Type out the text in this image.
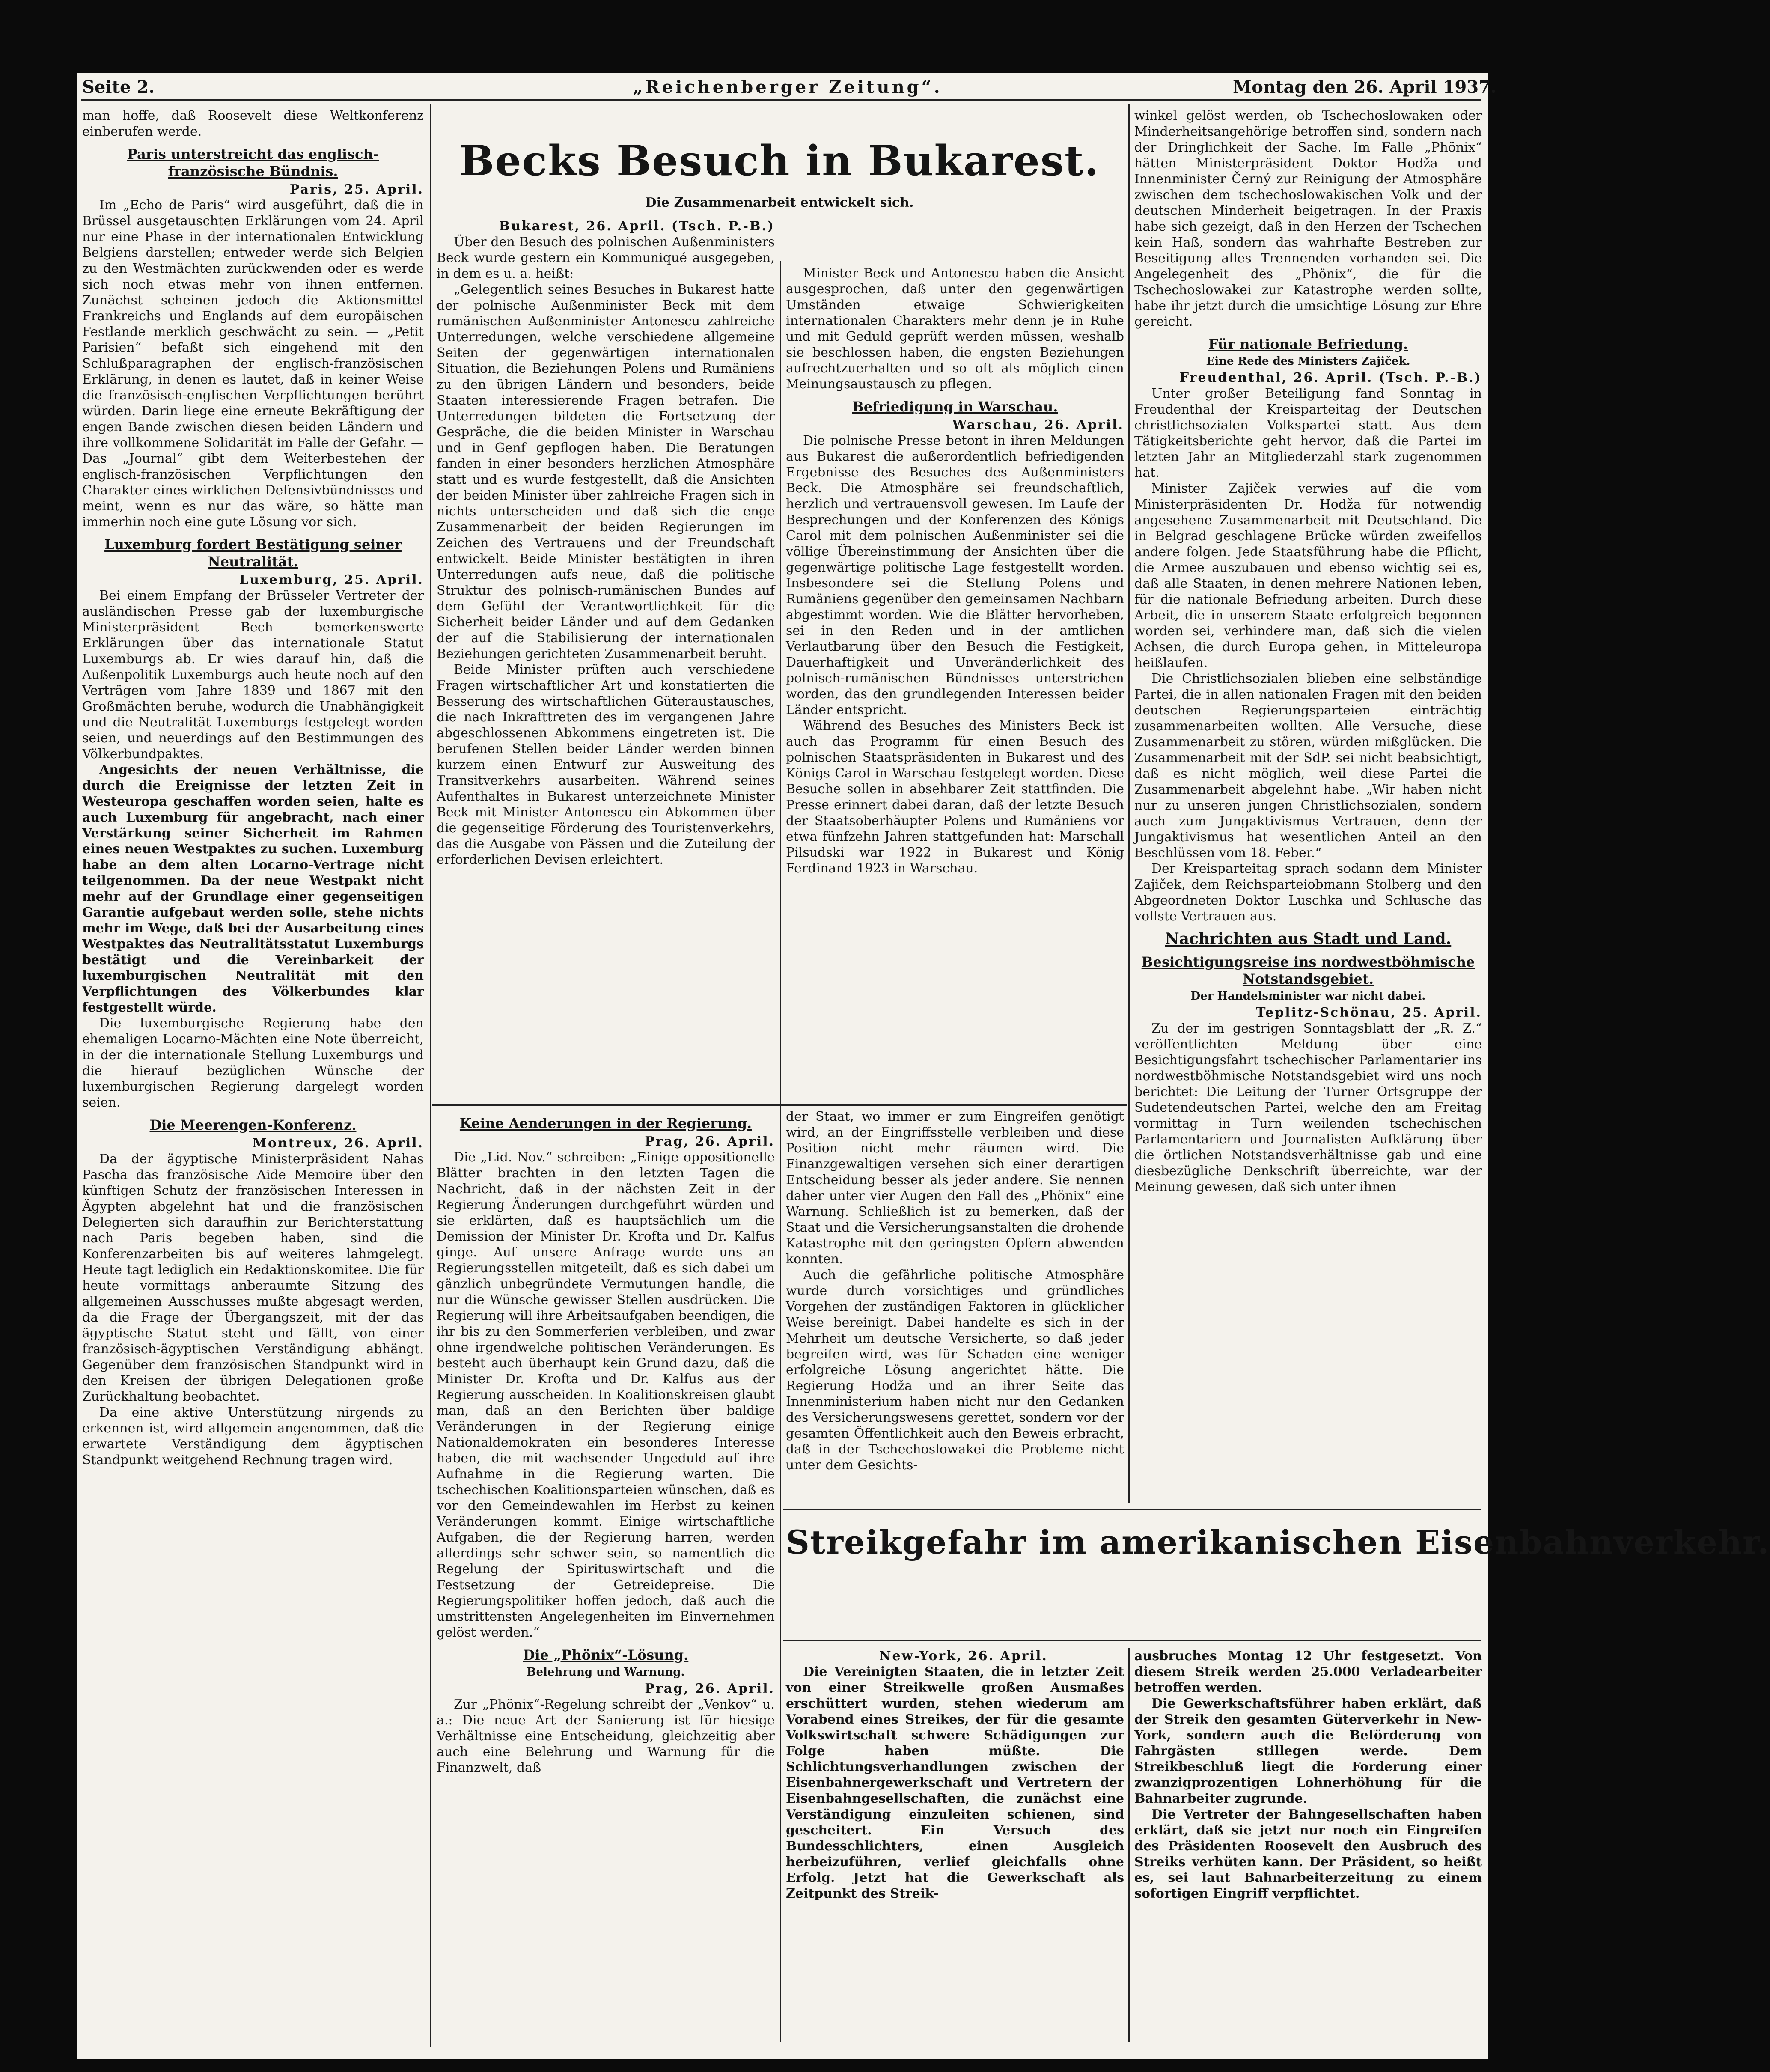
Seite 2.	„Reichenberger Zeitung“.	Montag den 26. April 1937.

man hoffe, daß Roosevelt diese Weltkonferenz einberufen werde.

Paris unterstreicht das englisch-französische Bündnis.

Paris, 25. April.

Im „Echo de Paris“ wird ausgeführt, daß die in Brüssel ausgetauschten Erklärungen vom 24. April nur eine Phase in der internationalen Entwicklung Belgiens darstellen; entweder werde sich Belgien zu den Westmächten zurückwenden oder es werde sich noch etwas mehr von ihnen entfernen. Zunächst scheinen jedoch die Aktionsmittel Frankreichs und Englands auf dem europäischen Festlande merklich geschwächt zu sein. — „Petit Parisien“ befaßt sich eingehend mit den Schlußparagraphen der englisch-französischen Erklärung, in denen es lautet, daß in keiner Weise die französisch-englischen Verpflichtungen berührt würden. Darin liege eine erneute Bekräftigung der engen Bande zwischen diesen beiden Ländern und ihre vollkommene Solidarität im Falle der Gefahr. — Das „Journal“ gibt dem Weiterbestehen der englisch-französischen Verpflichtungen den Charakter eines wirklichen Defensivbündnisses und meint, wenn es nur das wäre, so hätte man immerhin noch eine gute Lösung vor sich.

Luxemburg fordert Bestätigung seiner Neutralität.

Luxemburg, 25. April.

Bei einem Empfang der Brüsseler Vertreter der ausländischen Presse gab der luxemburgische Ministerpräsident Bech bemerkenswerte Erklärungen über das internationale Statut Luxemburgs ab. Er wies darauf hin, daß die Außenpolitik Luxemburgs auch heute noch auf den Verträgen vom Jahre 1839 und 1867 mit den Großmächten beruhe, wodurch die Unabhängigkeit und die Neutralität Luxemburgs festgelegt worden seien, und neuerdings auf den Bestimmungen des Völkerbundpaktes.

Angesichts der neuen Verhältnisse, die durch die Ereignisse der letzten Zeit in Westeuropa geschaffen worden seien, halte es auch Luxemburg für angebracht, nach einer Verstärkung seiner Sicherheit im Rahmen eines neuen Westpaktes zu suchen. Luxemburg habe an dem alten Locarno-Vertrage nicht teilgenommen. Da der neue Westpakt nicht mehr auf der Grundlage einer gegenseitigen Garantie aufgebaut werden solle, stehe nichts mehr im Wege, daß bei der Ausarbeitung eines Westpaktes das Neutralitätsstatut Luxemburgs bestätigt und die Vereinbarkeit der luxemburgischen Neutralität mit den Verpflichtungen des Völkerbundes klar festgestellt würde.

Die luxemburgische Regierung habe den ehemaligen Locarno-Mächten eine Note überreicht, in der die internationale Stellung Luxemburgs und die hierauf bezüglichen Wünsche der luxemburgischen Regierung dargelegt worden seien.

Die Meerengen-Konferenz.

Montreux, 26. April.

Da der ägyptische Ministerpräsident Nahas Pascha das französische Aide Memoire über den künftigen Schutz der französischen Interessen in Ägypten abgelehnt hat und die französischen Delegierten sich daraufhin zur Berichterstattung nach Paris begeben haben, sind die Konferenzarbeiten bis auf weiteres lahmgelegt. Heute tagt lediglich ein Redaktionskomitee. Die für heute vormittags anberaumte Sitzung des allgemeinen Ausschusses mußte abgesagt werden, da die Frage der Übergangszeit, mit der das ägyptische Statut steht und fällt, von einer französisch-ägyptischen Verständigung abhängt. Gegenüber dem französischen Standpunkt wird in den Kreisen der übrigen Delegationen große Zurückhaltung beobachtet.

Da eine aktive Unterstützung nirgends zu erkennen ist, wird allgemein angenommen, daß die erwartete Verständigung dem ägyptischen Standpunkt weitgehend Rechnung tragen wird.

Becks Besuch in Bukarest.
Die Zusammenarbeit entwickelt sich.

Bukarest, 26. April. (Tsch. P.-B.)

Über den Besuch des polnischen Außenministers Beck wurde gestern ein Kommuniqué ausgegeben, in dem es u. a. heißt:

„Gelegentlich seines Besuches in Bukarest hatte der polnische Außenminister Beck mit dem rumänischen Außenminister Antonescu zahlreiche Unterredungen, welche verschiedene allgemeine Seiten der gegenwärtigen internationalen Situation, die Beziehungen Polens und Rumäniens zu den übrigen Ländern und besonders, beide Staaten interessierende Fragen betrafen. Die Unterredungen bildeten die Fortsetzung der Gespräche, die die beiden Minister in Warschau und in Genf gepflogen haben. Die Beratungen fanden in einer besonders herzlichen Atmosphäre statt und es wurde festgestellt, daß die Ansichten der beiden Minister über zahlreiche Fragen sich in nichts unterscheiden und daß sich die enge Zusammenarbeit der beiden Regierungen im Zeichen des Vertrauens und der Freundschaft entwickelt. Beide Minister bestätigten in ihren Unterredungen aufs neue, daß die politische Struktur des polnisch-rumänischen Bundes auf dem Gefühl der Verantwortlichkeit für die Sicherheit beider Länder und auf dem Gedanken der auf die Stabilisierung der internationalen Beziehungen gerichteten Zusammenarbeit beruht.

Beide Minister prüften auch verschiedene Fragen wirtschaftlicher Art und konstatierten die Besserung des wirtschaftlichen Güteraustausches, die nach Inkrafttreten des im vergangenen Jahre abgeschlossenen Abkommens eingetreten ist. Die berufenen Stellen beider Länder werden binnen kurzem einen Entwurf zur Ausweitung des Transitverkehrs ausarbeiten. Während seines Aufenthaltes in Bukarest unterzeichnete Minister Beck mit Minister Antonescu ein Abkommen über die gegenseitige Förderung des Touristenverkehrs, das die Ausgabe von Pässen und die Zuteilung der erforderlichen Devisen erleichtert.

Minister Beck und Antonescu haben die Ansicht ausgesprochen, daß unter den gegenwärtigen Umständen etwaige Schwierigkeiten internationalen Charakters mehr denn je in Ruhe und mit Geduld geprüft werden müssen, weshalb sie beschlossen haben, die engsten Beziehungen aufrechtzuerhalten und so oft als möglich einen Meinungsaustausch zu pflegen.

Befriedigung in Warschau.

Warschau, 26. April.

Die polnische Presse betont in ihren Meldungen aus Bukarest die außerordentlich befriedigenden Ergebnisse des Besuches des Außenministers Beck. Die Atmosphäre sei freundschaftlich, herzlich und vertrauensvoll gewesen. Im Laufe der Besprechungen und der Konferenzen des Königs Carol mit dem polnischen Außenminister sei die völlige Übereinstimmung der Ansichten über die gegenwärtige politische Lage festgestellt worden. Insbesondere sei die Stellung Polens und Rumäniens gegenüber den gemeinsamen Nachbarn abgestimmt worden. Wie die Blätter hervorheben, sei in den Reden und in der amtlichen Verlautbarung über den Besuch die Festigkeit, Dauerhaftigkeit und Unveränderlichkeit des polnisch-rumänischen Bündnisses unterstrichen worden, das den grundlegenden Interessen beider Länder entspricht.

Während des Besuches des Ministers Beck ist auch das Programm für einen Besuch des polnischen Staatspräsidenten in Bukarest und des Königs Carol in Warschau festgelegt worden. Diese Besuche sollen in absehbarer Zeit stattfinden. Die Presse erinnert dabei daran, daß der letzte Besuch der Staatsoberhäupter Polens und Rumäniens vor etwa fünfzehn Jahren stattgefunden hat: Marschall Pilsudski war 1922 in Bukarest und König Ferdinand 1923 in Warschau.

Keine Aenderungen in der Regierung.

Prag, 26. April.

Die „Lid. Nov.“ schreiben: „Einige oppositionelle Blätter brachten in den letzten Tagen die Nachricht, daß in der nächsten Zeit in der Regierung Änderungen durchgeführt würden und sie erklärten, daß es hauptsächlich um die Demission der Minister Dr. Krofta und Dr. Kalfus ginge. Auf unsere Anfrage wurde uns an Regierungsstellen mitgeteilt, daß es sich dabei um gänzlich unbegründete Vermutungen handle, die nur die Wünsche gewisser Stellen ausdrücken. Die Regierung will ihre Arbeitsaufgaben beendigen, die ihr bis zu den Sommerferien verbleiben, und zwar ohne irgendwelche politischen Veränderungen. Es besteht auch überhaupt kein Grund dazu, daß die Minister Dr. Krofta und Dr. Kalfus aus der Regierung ausscheiden. In Koalitionskreisen glaubt man, daß an den Berichten über baldige Veränderungen in der Regierung einige Nationaldemokraten ein besonderes Interesse haben, die mit wachsender Ungeduld auf ihre Aufnahme in die Regierung warten. Die tschechischen Koalitionsparteien wünschen, daß es vor den Gemeindewahlen im Herbst zu keinen Veränderungen kommt. Einige wirtschaftliche Aufgaben, die der Regierung harren, werden allerdings sehr schwer sein, so namentlich die Regelung der Spirituswirtschaft und die Festsetzung der Getreidepreise. Die Regierungspolitiker hoffen jedoch, daß auch die umstrittensten Angelegenheiten im Einvernehmen gelöst werden.“

Die „Phönix“-Lösung.
Belehrung und Warnung.

Prag, 26. April.

Zur „Phönix“-Regelung schreibt der „Venkov“ u. a.: Die neue Art der Sanierung ist für hiesige Verhältnisse eine Entscheidung, gleichzeitig aber auch eine Belehrung und Warnung für die Finanzwelt, daß

der Staat, wo immer er zum Eingreifen genötigt wird, an der Eingriffsstelle verbleiben und diese Position nicht mehr räumen wird. Die Finanzgewaltigen versehen sich einer derartigen Entscheidung besser als jeder andere. Sie nennen daher unter vier Augen den Fall des „Phönix“ eine Warnung. Schließlich ist zu bemerken, daß der Staat und die Versicherungsanstalten die drohende Katastrophe mit den geringsten Opfern abwenden konnten.

Auch die gefährliche politische Atmosphäre wurde durch vorsichtiges und gründliches Vorgehen der zuständigen Faktoren in glücklicher Weise bereinigt. Dabei handelte es sich in der Mehrheit um deutsche Versicherte, so daß jeder begreifen wird, was für Schaden eine weniger erfolgreiche Lösung angerichtet hätte. Die Regierung Hodža und an ihrer Seite das Innenministerium haben nicht nur den Gedanken des Versicherungswesens gerettet, sondern vor der gesamten Öffentlichkeit auch den Beweis erbracht, daß in der Tschechoslowakei die Probleme nicht unter dem Gesichts-

winkel gelöst werden, ob Tschechoslowaken oder Minderheitsangehörige betroffen sind, sondern nach der Dringlichkeit der Sache. Im Falle „Phönix“ hätten Ministerpräsident Doktor Hodža und Innenminister Černý zur Reinigung der Atmosphäre zwischen dem tschechoslowakischen Volk und der deutschen Minderheit beigetragen. In der Praxis habe sich gezeigt, daß in den Herzen der Tschechen kein Haß, sondern das wahrhafte Bestreben zur Beseitigung alles Trennenden vorhanden sei. Die Angelegenheit des „Phönix“, die für die Tschechoslowakei zur Katastrophe werden sollte, habe ihr jetzt durch die umsichtige Lösung zur Ehre gereicht.

Für nationale Befriedung.
Eine Rede des Ministers Zajiček.

Freudenthal, 26. April. (Tsch. P.-B.)

Unter großer Beteiligung fand Sonntag in Freudenthal der Kreisparteitag der Deutschen christlichsozialen Volkspartei statt. Aus dem Tätigkeitsberichte geht hervor, daß die Partei im letzten Jahr an Mitgliederzahl stark zugenommen hat.

Minister Zajiček verwies auf die vom Ministerpräsidenten Dr. Hodža für notwendig angesehene Zusammenarbeit mit Deutschland. Die in Belgrad geschlagene Brücke würden zweifellos andere folgen. Jede Staatsführung habe die Pflicht, die Armee auszubauen und ebenso wichtig sei es, daß alle Staaten, in denen mehrere Nationen leben, für die nationale Befriedung arbeiten. Durch diese Arbeit, die in unserem Staate erfolgreich begonnen worden sei, verhindere man, daß sich die vielen Achsen, die durch Europa gehen, in Mitteleuropa heißlaufen.

Die Christlichsozialen blieben eine selbständige Partei, die in allen nationalen Fragen mit den beiden deutschen Regierungsparteien einträchtig zusammenarbeiten wollten. Alle Versuche, diese Zusammenarbeit zu stören, würden mißglücken. Die Zusammenarbeit mit der SdP. sei nicht beabsichtigt, daß es nicht möglich, weil diese Partei die Zusammenarbeit abgelehnt habe. „Wir haben nicht nur zu unseren jungen Christlichsozialen, sondern auch zum Jungaktivismus Vertrauen, denn der Jungaktivismus hat wesentlichen Anteil an den Beschlüssen vom 18. Feber.“

Der Kreisparteitag sprach sodann dem Minister Zajiček, dem Reichsparteiobmann Stolberg und den Abgeordneten Doktor Luschka und Schlusche das vollste Vertrauen aus.

Nachrichten aus Stadt und Land.
Besichtigungsreise ins nordwestböhmische Notstandsgebiet.
Der Handelsminister war nicht dabei.

Teplitz-Schönau, 25. April.

Zu der im gestrigen Sonntagsblatt der „R. Z.“ veröffentlichten Meldung über eine Besichtigungsfahrt tschechischer Parlamentarier ins nordwestböhmische Notstandsgebiet wird uns noch berichtet: Die Leitung der Turner Ortsgruppe der Sudetendeutschen Partei, welche den am Freitag vormittag in Turn weilenden tschechischen Parlamentariern und Journalisten Aufklärung über die örtlichen Notstandsverhältnisse gab und eine diesbezügliche Denkschrift überreichte, war der Meinung gewesen, daß sich unter ihnen

Streikgefahr im amerikanischen Eisenbahnverkehr.

New-York, 26. April.

Die Vereinigten Staaten, die in letzter Zeit von einer Streikwelle großen Ausmaßes erschüttert wurden, stehen wiederum am Vorabend eines Streikes, der für die gesamte Volkswirtschaft schwere Schädigungen zur Folge haben müßte. Die Schlichtungsverhandlungen zwischen der Eisenbahnergewerkschaft und Vertretern der Eisenbahngesellschaften, die zunächst eine Verständigung einzuleiten schienen, sind gescheitert. Ein Versuch des Bundesschlichters, einen Ausgleich herbeizuführen, verlief gleichfalls ohne Erfolg. Jetzt hat die Gewerkschaft als Zeitpunkt des Streik-

ausbruches Montag 12 Uhr festgesetzt. Von diesem Streik werden 25.000 Verladearbeiter betroffen werden.

Die Gewerkschaftsführer haben erklärt, daß der Streik den gesamten Güterverkehr in New-York, sondern auch die Beförderung von Fahrgästen stillegen werde. Dem Streikbeschluß liegt die Forderung einer zwanzigprozentigen Lohnerhöhung für die Bahnarbeiter zugrunde.

Die Vertreter der Bahngesellschaften haben erklärt, daß sie jetzt nur noch ein Eingreifen des Präsidenten Roosevelt den Ausbruch des Streiks verhüten kann. Der Präsident, so heißt es, sei laut Bahnarbeiterzeitung zu einem sofortigen Eingriff verpflichtet.
